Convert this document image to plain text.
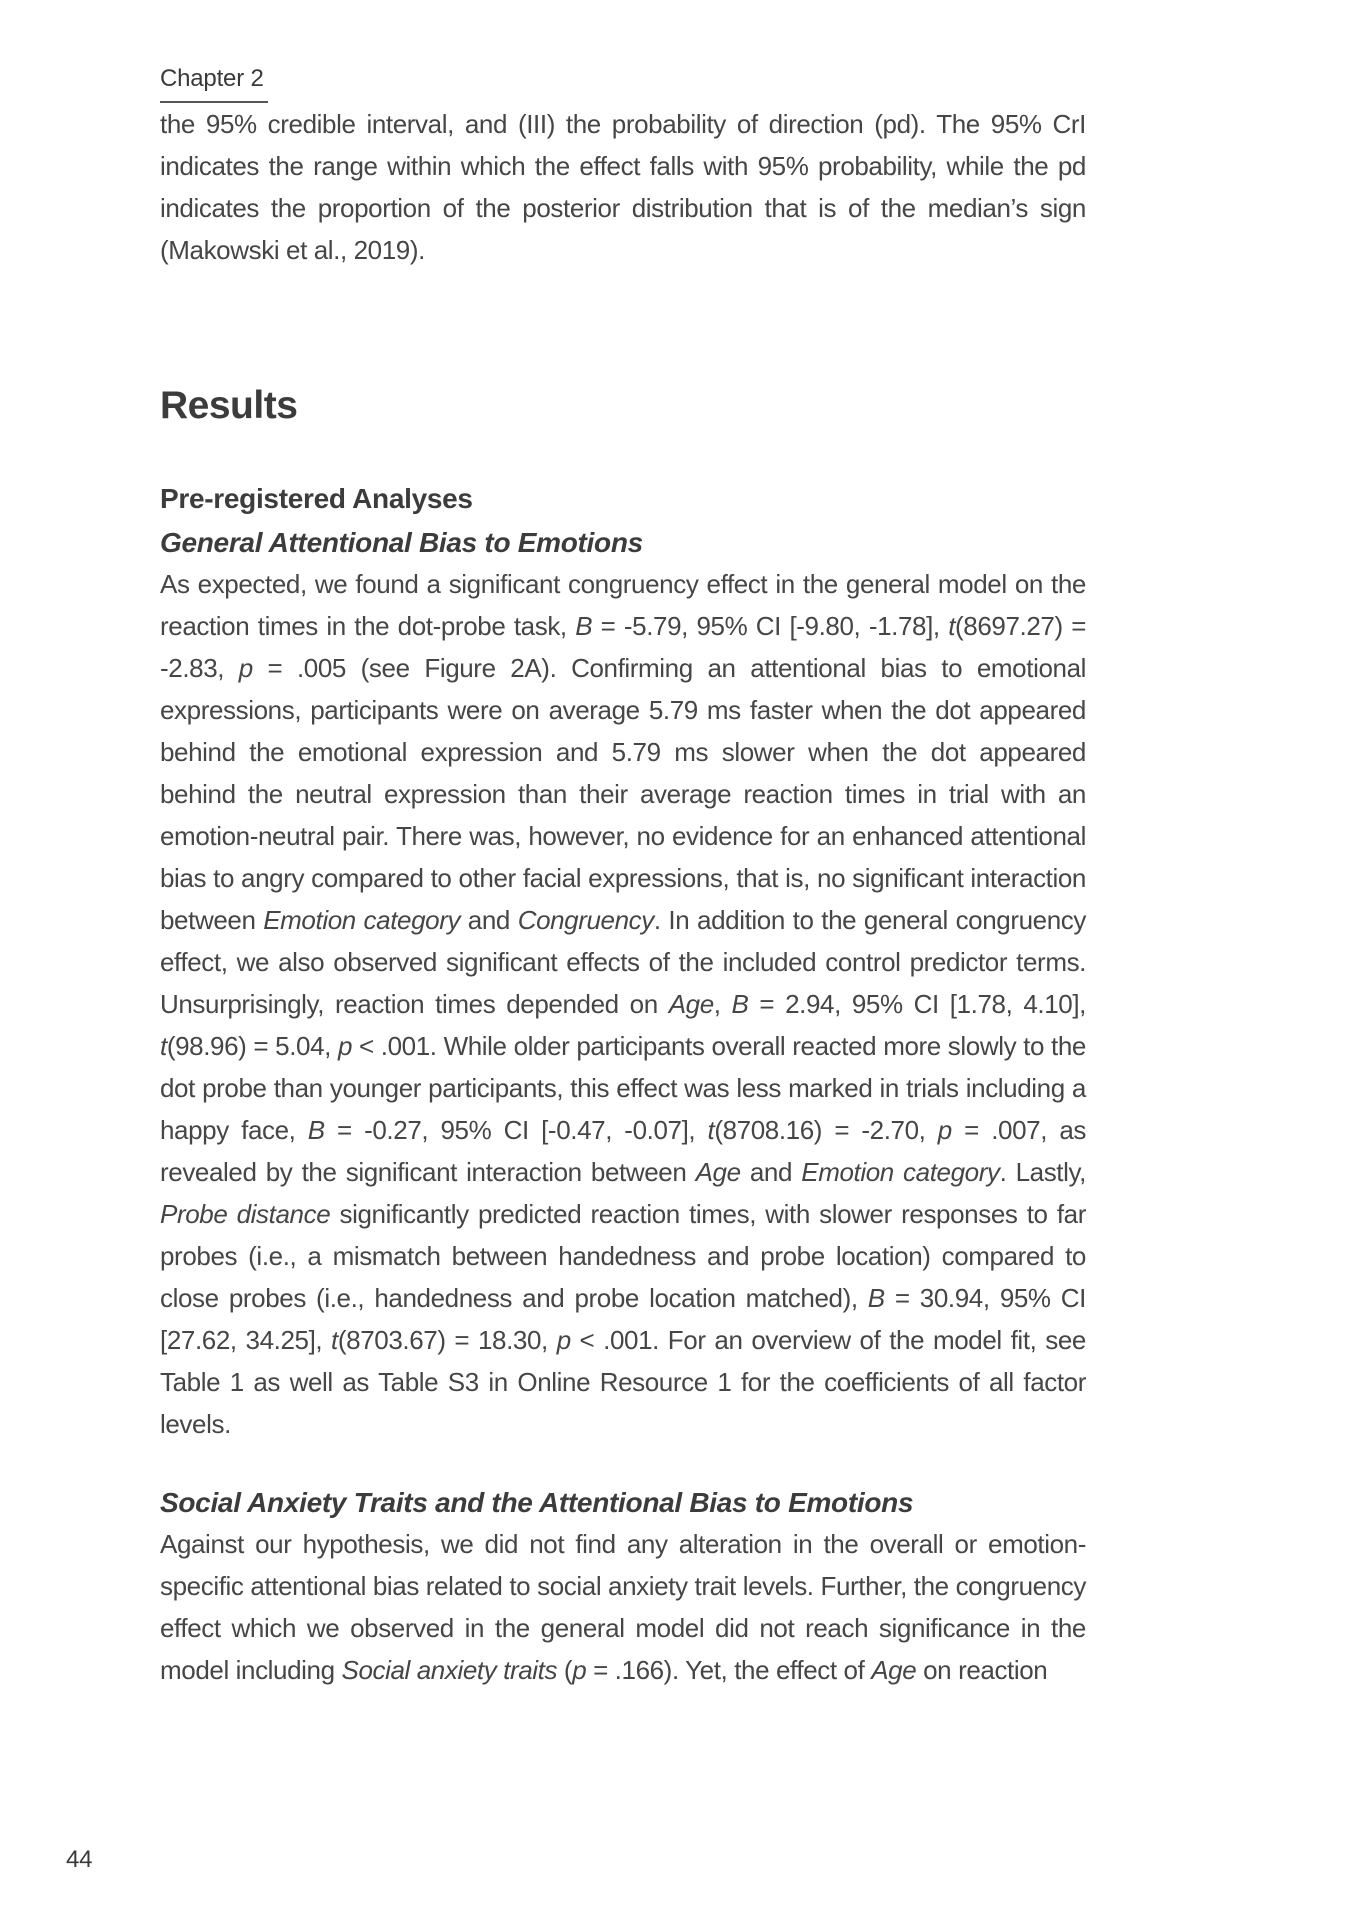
Chapter 2

the 95% credible interval, and (III) the probability of direction (pd). The 95% CrI indicates the range within which the effect falls with 95% probability, while the pd indicates the proportion of the posterior distribution that is of the median’s sign (Makowski et al., 2019).

Results
Pre-registered Analyses
General Attentional Bias to Emotions

As expected, we found a significant congruency effect in the general model on the reaction times in the dot-probe task, B = -5.79, 95% CI [-9.80, -1.78], t(8697.27) = -2.83, p = .005 (see Figure 2A). Confirming an attentional bias to emotional expressions, participants were on average 5.79 ms faster when the dot appeared behind the emotional expression and 5.79 ms slower when the dot appeared behind the neutral expression than their average reaction times in trial with an emotion-neutral pair. There was, however, no evidence for an enhanced attentional bias to angry compared to other facial expressions, that is, no significant interaction between Emotion category and Congruency. In addition to the general congruency effect, we also observed significant effects of the included control predictor terms. Unsurprisingly, reaction times depended on Age, B = 2.94, 95% CI [1.78, 4.10], t(98.96) = 5.04, p < .001. While older participants overall reacted more slowly to the dot probe than younger participants, this effect was less marked in trials including a happy face, B = -0.27, 95% CI [-0.47, -0.07], t(8708.16) = -2.70, p = .007, as revealed by the significant interaction between Age and Emotion category. Lastly, Probe distance significantly predicted reaction times, with slower responses to far probes (i.e., a mismatch between handedness and probe location) compared to close probes (i.e., handedness and probe location matched), B = 30.94, 95% CI [27.62, 34.25], t(8703.67) = 18.30, p < .001. For an overview of the model fit, see Table 1 as well as Table S3 in Online Resource 1 for the coefficients of all factor levels.

Social Anxiety Traits and the Attentional Bias to Emotions

Against our hypothesis, we did not find any alteration in the overall or emotion-specific attentional bias related to social anxiety trait levels. Further, the congruency effect which we observed in the general model did not reach significance in the model including Social anxiety traits (p = .166). Yet, the effect of Age on reaction

44
